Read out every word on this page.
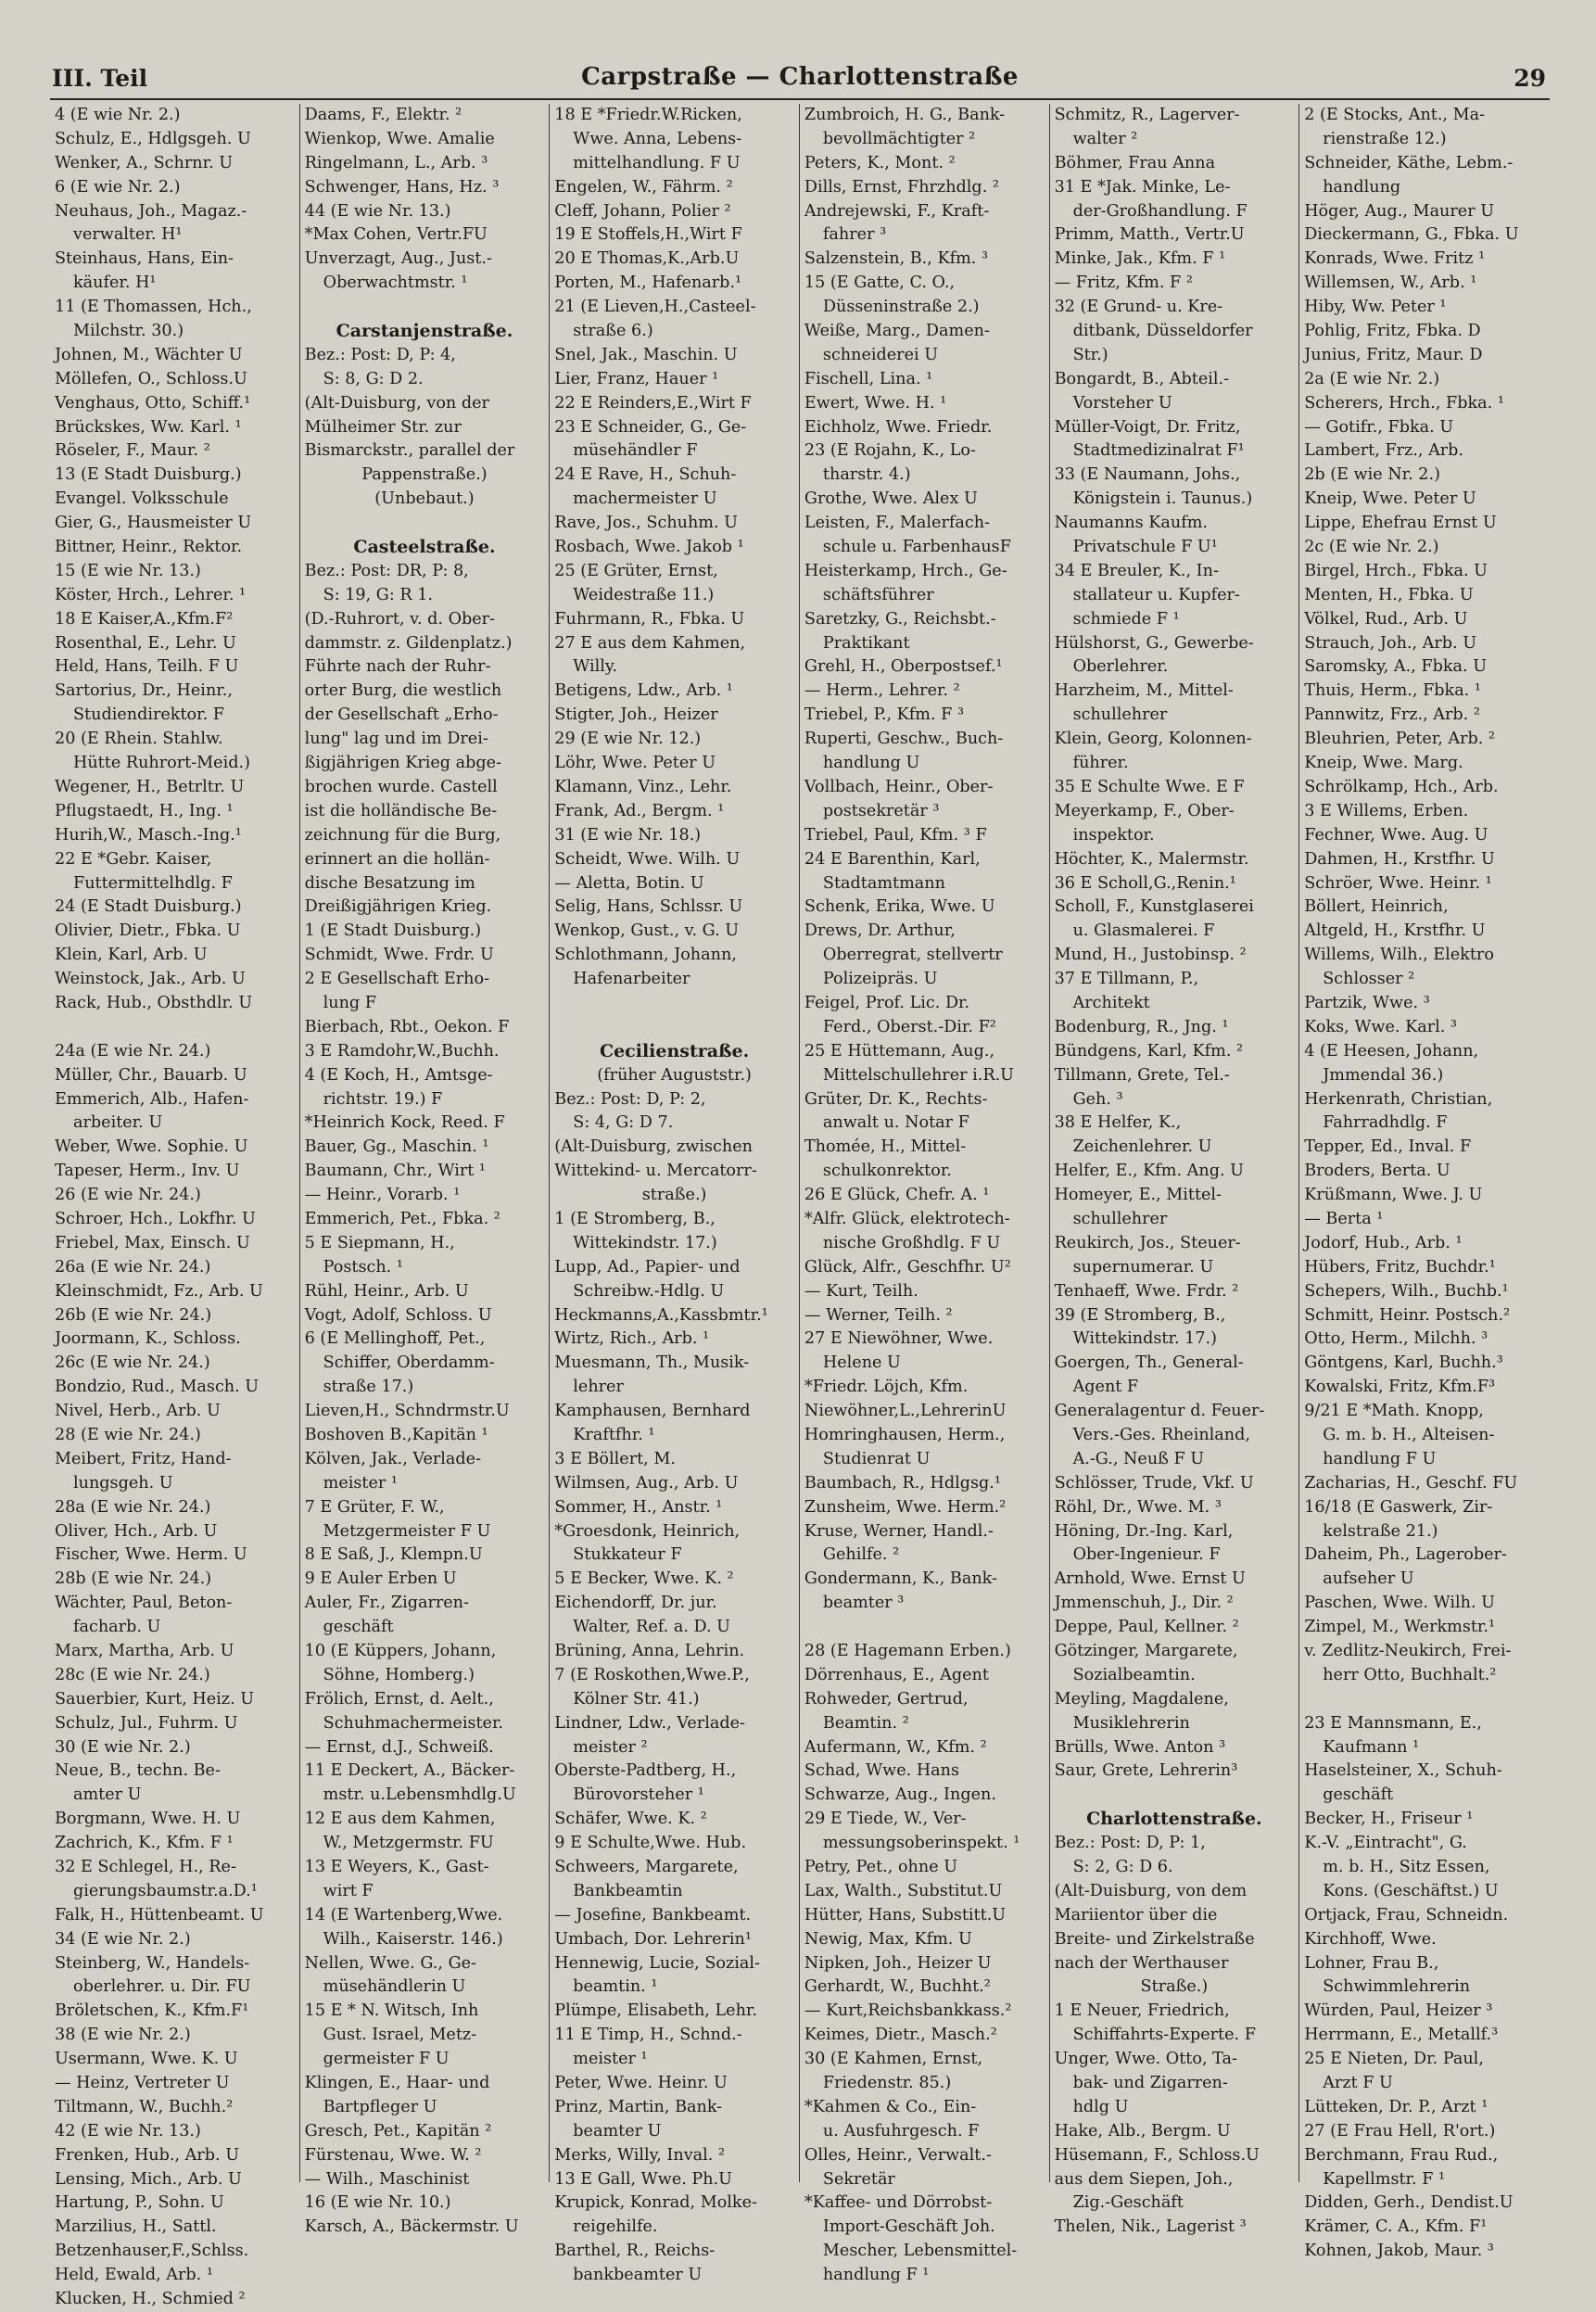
III. Teil	Carpstraße — Charlottenstraße	29
4 (E wie Nr. 2.)
Schulz, E., Hdlgsgeh. U
Wenker, A., Schrnr. U
6 (E wie Nr. 2.)
Neuhaus, Joh., Magaz.-
verwalter. H¹
Steinhaus, Hans, Ein-
käufer. H¹
11 (E Thomassen, Hch.,
Milchstr. 30.)
Johnen, M., Wächter U
Möllefen, O., Schloss.U
Venghaus, Otto, Schiff.¹
Brückskes, Ww. Karl. ¹
Röseler, F., Maur. ²
13 (E Stadt Duisburg.)
Evangel. Volksschule
Gier, G., Hausmeister U
Bittner, Heinr., Rektor.
15 (E wie Nr. 13.)
Köster, Hrch., Lehrer. ¹
18 E Kaiser,A.,Kfm.F²
Rosenthal, E., Lehr. U
Held, Hans, Teilh. F U
Sartorius, Dr., Heinr.,
Studiendirektor. F
20 (E Rhein. Stahlw.
Hütte Ruhrort-Meid.)
Wegener, H., Betrltr. U
Pflugstaedt, H., Ing. ¹
Hurih,W., Masch.-Ing.¹
22 E *Gebr. Kaiser,
Futtermittelhdlg. F
24 (E Stadt Duisburg.)
Olivier, Dietr., Fbka. U
Klein, Karl, Arb. U
Weinstock, Jak., Arb. U
Rack, Hub., Obsthdlr. U
24a (E wie Nr. 24.)
Müller, Chr., Bauarb. U
Emmerich, Alb., Hafen-
arbeiter. U
Weber, Wwe. Sophie. U
Tapeser, Herm., Inv. U
26 (E wie Nr. 24.)
Schroer, Hch., Lokfhr. U
Friebel, Max, Einsch. U
26a (E wie Nr. 24.)
Kleinschmidt, Fz., Arb. U
26b (E wie Nr. 24.)
Joormann, K., Schloss.
26c (E wie Nr. 24.)
Bondzio, Rud., Masch. U
Nivel, Herb., Arb. U
28 (E wie Nr. 24.)
Meibert, Fritz, Hand-
lungsgeh. U
28a (E wie Nr. 24.)
Oliver, Hch., Arb. U
Fischer, Wwe. Herm. U
28b (E wie Nr. 24.)
Wächter, Paul, Beton-
facharb. U
Marx, Martha, Arb. U
28c (E wie Nr. 24.)
Sauerbier, Kurt, Heiz. U
Schulz, Jul., Fuhrm. U
30 (E wie Nr. 2.)
Neue, B., techn. Be-
amter U
Borgmann, Wwe. H. U
Zachrich, K., Kfm. F ¹
32 E Schlegel, H., Re-
gierungsbaumstr.a.D.¹
Falk, H., Hüttenbeamt. U
34 (E wie Nr. 2.)
Steinberg, W., Handels-
oberlehrer. u. Dir. FU
Bröletschen, K., Kfm.F¹
38 (E wie Nr. 2.)
Usermann, Wwe. K. U
— Heinz, Vertreter U
Tiltmann, W., Buchh.²
42 (E wie Nr. 13.)
Frenken, Hub., Arb. U
Lensing, Mich., Arb. U
Hartung, P., Sohn. U
Marzilius, H., Sattl.
Betzenhauser,F.,Schlss.
Held, Ewald, Arb. ¹
Klucken, H., Schmied ²
Daams, F., Elektr. ²
Wienkop, Wwe. Amalie
Ringelmann, L., Arb. ³
Schwenger, Hans, Hz. ³
44 (E wie Nr. 13.)
*Max Cohen, Vertr.FU
Unverzagt, Aug., Just.-
Oberwachtmstr. ¹
Carstanjenstraße.
Bez.: Post: D, P: 4,
S: 8, G: D 2.
(Alt-Duisburg, von der
Mülheimer Str. zur
Bismarckstr., parallel der
Pappenstraße.)
(Unbebaut.)
Casteelstraße.
Bez.: Post: DR, P: 8,
S: 19, G: R 1.
(D.-Ruhrort, v. d. Ober-
dammstr. z. Gildenplatz.)
Führte nach der Ruhr-
orter Burg, die westlich
der Gesellschaft „Erho-
lung" lag und im Drei-
ßigjährigen Krieg abge-
brochen wurde. Castell
ist die holländische Be-
zeichnung für die Burg,
erinnert an die hollän-
dische Besatzung im
Dreißigjährigen Krieg.
1 (E Stadt Duisburg.)
Schmidt, Wwe. Frdr. U
2 E Gesellschaft Erho-
lung F
Bierbach, Rbt., Oekon. F
3 E Ramdohr,W.,Buchh.
4 (E Koch, H., Amtsge-
richtstr. 19.) F
*Heinrich Kock, Reed. F
Bauer, Gg., Maschin. ¹
Baumann, Chr., Wirt ¹
— Heinr., Vorarb. ¹
Emmerich, Pet., Fbka. ²
5 E Siepmann, H.,
Postsch. ¹
Rühl, Heinr., Arb. U
Vogt, Adolf, Schloss. U
6 (E Mellinghoff, Pet.,
Schiffer, Oberdamm-
straße 17.)
Lieven,H., Schndrmstr.U
Boshoven B.,Kapitän ¹
Kölven, Jak., Verlade-
meister ¹
7 E Grüter, F. W.,
Metzgermeister F U
8 E Saß, J., Klempn.U
9 E Auler Erben U
Auler, Fr., Zigarren-
geschäft
10 (E Küppers, Johann,
Söhne, Homberg.)
Frölich, Ernst, d. Aelt.,
Schuhmachermeister.
— Ernst, d.J., Schweiß.
11 E Deckert, A., Bäcker-
mstr. u.Lebensmhdlg.U
12 E aus dem Kahmen,
W., Metzgermstr. FU
13 E Weyers, K., Gast-
wirt F
14 (E Wartenberg,Wwe.
Wilh., Kaiserstr. 146.)
Nellen, Wwe. G., Ge-
müsehändlerin U
15 E * N. Witsch, Inh
Gust. Israel, Metz-
germeister F U
Klingen, E., Haar- und
Bartpfleger U
Gresch, Pet., Kapitän ²
Fürstenau, Wwe. W. ²
— Wilh., Maschinist
16 (E wie Nr. 10.)
Karsch, A., Bäckermstr. U
18 E *Friedr.W.Ricken,
Wwe. Anna, Lebens-
mittelhandlung. F U
Engelen, W., Fährm. ²
Cleff, Johann, Polier ²
19 E Stoffels,H.,Wirt F
20 E Thomas,K.,Arb.U
Porten, M., Hafenarb.¹
21 (E Lieven,H.,Casteel-
straße 6.)
Snel, Jak., Maschin. U
Lier, Franz, Hauer ¹
22 E Reinders,E.,Wirt F
23 E Schneider, G., Ge-
müsehändler F
24 E Rave, H., Schuh-
machermeister U
Rave, Jos., Schuhm. U
Rosbach, Wwe. Jakob ¹
25 (E Grüter, Ernst,
Weidestraße 11.)
Fuhrmann, R., Fbka. U
27 E aus dem Kahmen,
Willy.
Betigens, Ldw., Arb. ¹
Stigter, Joh., Heizer
29 (E wie Nr. 12.)
Löhr, Wwe. Peter U
Klamann, Vinz., Lehr.
Frank, Ad., Bergm. ¹
31 (E wie Nr. 18.)
Scheidt, Wwe. Wilh. U
— Aletta, Botin. U
Selig, Hans, Schlssr. U
Wenkop, Gust., v. G. U
Schlothmann, Johann,
Hafenarbeiter
Cecilienstraße.
(früher Auguststr.)
Bez.: Post: D, P: 2,
S: 4, G: D 7.
(Alt-Duisburg, zwischen
Wittekind- u. Mercatorr-
straße.)
1 (E Stromberg, B.,
Wittekindstr. 17.)
Lupp, Ad., Papier- und
Schreibw.-Hdlg. U
Heckmanns,A.,Kassbmtr.¹
Wirtz, Rich., Arb. ¹
Muesmann, Th., Musik-
lehrer
Kamphausen, Bernhard
Kraftfhr. ¹
3 E Böllert, M.
Wilmsen, Aug., Arb. U
Sommer, H., Anstr. ¹
*Groesdonk, Heinrich,
Stukkateur F
5 E Becker, Wwe. K. ²
Eichendorff, Dr. jur.
Walter, Ref. a. D. U
Brüning, Anna, Lehrin.
7 (E Roskothen,Wwe.P.,
Kölner Str. 41.)
Lindner, Ldw., Verlade-
meister ²
Oberste-Padtberg, H.,
Bürovorsteher ¹
Schäfer, Wwe. K. ²
9 E Schulte,Wwe. Hub.
Schweers, Margarete,
Bankbeamtin
— Josefine, Bankbeamt.
Umbach, Dor. Lehrerin¹
Hennewig, Lucie, Sozial-
beamtin. ¹
Plümpe, Elisabeth, Lehr.
11 E Timp, H., Schnd.-
meister ¹
Peter, Wwe. Heinr. U
Prinz, Martin, Bank-
beamter U
Merks, Willy, Inval. ²
13 E Gall, Wwe. Ph.U
Krupick, Konrad, Molke-
reigehilfe.
Barthel, R., Reichs-
bankbeamter U
Zumbroich, H. G., Bank-
bevollmächtigter ²
Peters, K., Mont. ²
Dills, Ernst, Fhrzhdlg. ²
Andrejewski, F., Kraft-
fahrer ³
Salzenstein, B., Kfm. ³
15 (E Gatte, C. O.,
Düsseninstraße 2.)
Weiße, Marg., Damen-
schneiderei U
Fischell, Lina. ¹
Ewert, Wwe. H. ¹
Eichholz, Wwe. Friedr.
23 (E Rojahn, K., Lo-
tharstr. 4.)
Grothe, Wwe. Alex U
Leisten, F., Malerfach-
schule u. FarbenhausF
Heisterkamp, Hrch., Ge-
schäftsführer
Saretzky, G., Reichsbt.-
Praktikant
Grehl, H., Oberpostsef.¹
— Herm., Lehrer. ²
Triebel, P., Kfm. F ³
Ruperti, Geschw., Buch-
handlung U
Vollbach, Heinr., Ober-
postsekretär ³
Triebel, Paul, Kfm. ³ F
24 E Barenthin, Karl,
Stadtamtmann
Schenk, Erika, Wwe. U
Drews, Dr. Arthur,
Oberregrat, stellvertr
Polizeipräs. U
Feigel, Prof. Lic. Dr.
Ferd., Oberst.-Dir. F²
25 E Hüttemann, Aug.,
Mittelschullehrer i.R.U
Grüter, Dr. K., Rechts-
anwalt u. Notar F
Thomée, H., Mittel-
schulkonrektor.
26 E Glück, Chefr. A. ¹
*Alfr. Glück, elektrotech-
nische Großhdlg. F U
Glück, Alfr., Geschfhr. U²
— Kurt, Teilh.
— Werner, Teilh. ²
27 E Niewöhner, Wwe.
Helene U
*Friedr. Löjch, Kfm.
Niewöhner,L.,LehrerinU
Homringhausen, Herm.,
Studienrat U
Baumbach, R., Hdlgsg.¹
Zunsheim, Wwe. Herm.²
Kruse, Werner, Handl.-
Gehilfe. ²
Gondermann, K., Bank-
beamter ³
28 (E Hagemann Erben.)
Dörrenhaus, E., Agent
Rohweder, Gertrud,
Beamtin. ²
Aufermann, W., Kfm. ²
Schad, Wwe. Hans
Schwarze, Aug., Ingen.
29 E Tiede, W., Ver-
messungsoberinspekt. ¹
Petry, Pet., ohne U
Lax, Walth., Substitut.U
Hütter, Hans, Substitt.U
Newig, Max, Kfm. U
Nipken, Joh., Heizer U
Gerhardt, W., Buchht.²
— Kurt,Reichsbankkass.²
Keimes, Dietr., Masch.²
30 (E Kahmen, Ernst,
Friedenstr. 85.)
*Kahmen & Co., Ein-
u. Ausfuhrgesch. F
Olles, Heinr., Verwalt.-
Sekretär
*Kaffee- und Dörrobst-
Import-Geschäft Joh.
Mescher, Lebensmittel-
handlung F ¹
Schmitz, R., Lagerver-
walter ²
Böhmer, Frau Anna
31 E *Jak. Minke, Le-
der-Großhandlung. F
Primm, Matth., Vertr.U
Minke, Jak., Kfm. F ¹
— Fritz, Kfm. F ²
32 (E Grund- u. Kre-
ditbank, Düsseldorfer
Str.)
Bongardt, B., Abteil.-
Vorsteher U
Müller-Voigt, Dr. Fritz,
Stadtmedizinalrat F¹
33 (E Naumann, Johs.,
Königstein i. Taunus.)
Naumanns Kaufm.
Privatschule F U¹
34 E Breuler, K., In-
stallateur u. Kupfer-
schmiede F ¹
Hülshorst, G., Gewerbe-
Oberlehrer.
Harzheim, M., Mittel-
schullehrer
Klein, Georg, Kolonnen-
führer.
35 E Schulte Wwe. E F
Meyerkamp, F., Ober-
inspektor.
Höchter, K., Malermstr.
36 E Scholl,G.,Renin.¹
Scholl, F., Kunstglaserei
u. Glasmalerei. F
Mund, H., Justobinsp. ²
37 E Tillmann, P.,
Architekt
Bodenburg, R., Jng. ¹
Bündgens, Karl, Kfm. ²
Tillmann, Grete, Tel.-
Geh. ³
38 E Helfer, K.,
Zeichenlehrer. U
Helfer, E., Kfm. Ang. U
Homeyer, E., Mittel-
schullehrer
Reukirch, Jos., Steuer-
supernumerar. U
Tenhaeff, Wwe. Frdr. ²
39 (E Stromberg, B.,
Wittekindstr. 17.)
Goergen, Th., General-
Agent F
Generalagentur d. Feuer-
Vers.-Ges. Rheinland,
A.-G., Neuß F U
Schlösser, Trude, Vkf. U
Röhl, Dr., Wwe. M. ³
Höning, Dr.-Ing. Karl,
Ober-Ingenieur. F
Arnhold, Wwe. Ernst U
Jmmenschuh, J., Dir. ²
Deppe, Paul, Kellner. ²
Götzinger, Margarete,
Sozialbeamtin.
Meyling, Magdalene,
Musiklehrerin
Brülls, Wwe. Anton ³
Saur, Grete, Lehrerin³
Charlottenstraße.
Bez.: Post: D, P: 1,
S: 2, G: D 6.
(Alt-Duisburg, von dem
Mariientor über die
Breite- und Zirkelstraße
nach der Werthauser
Straße.)
1 E Neuer, Friedrich,
Schiffahrts-Experte. F
Unger, Wwe. Otto, Ta-
bak- und Zigarren-
hdlg U
Hake, Alb., Bergm. U
Hüsemann, F., Schloss.U
aus dem Siepen, Joh.,
Zig.-Geschäft
Thelen, Nik., Lagerist ³
2 (E Stocks, Ant., Ma-
rienstraße 12.)
Schneider, Käthe, Lebm.-
handlung
Höger, Aug., Maurer U
Dieckermann, G., Fbka. U
Konrads, Wwe. Fritz ¹
Willemsen, W., Arb. ¹
Hiby, Ww. Peter ¹
Pohlig, Fritz, Fbka. D
Junius, Fritz, Maur. D
2a (E wie Nr. 2.)
Scherers, Hrch., Fbka. ¹
— Gotifr., Fbka. U
Lambert, Frz., Arb.
2b (E wie Nr. 2.)
Kneip, Wwe. Peter U
Lippe, Ehefrau Ernst U
2c (E wie Nr. 2.)
Birgel, Hrch., Fbka. U
Menten, H., Fbka. U
Völkel, Rud., Arb. U
Strauch, Joh., Arb. U
Saromsky, A., Fbka. U
Thuis, Herm., Fbka. ¹
Pannwitz, Frz., Arb. ²
Bleuhrien, Peter, Arb. ²
Kneip, Wwe. Marg.
Schrölkamp, Hch., Arb.
3 E Willems, Erben.
Fechner, Wwe. Aug. U
Dahmen, H., Krstfhr. U
Schröer, Wwe. Heinr. ¹
Böllert, Heinrich,
Altgeld, H., Krstfhr. U
Willems, Wilh., Elektro
Schlosser ²
Partzik, Wwe. ³
Koks, Wwe. Karl. ³
4 (E Heesen, Johann,
Jmmendal 36.)
Herkenrath, Christian,
Fahrradhdlg. F
Tepper, Ed., Inval. F
Broders, Berta. U
Krüßmann, Wwe. J. U
— Berta ¹
Jodorf, Hub., Arb. ¹
Hübers, Fritz, Buchdr.¹
Schepers, Wilh., Buchb.¹
Schmitt, Heinr. Postsch.²
Otto, Herm., Milchh. ³
Göntgens, Karl, Buchh.³
Kowalski, Fritz, Kfm.F³
9/21 E *Math. Knopp,
G. m. b. H., Alteisen-
handlung F U
Zacharias, H., Geschf. FU
16/18 (E Gaswerk, Zir-
kelstraße 21.)
Daheim, Ph., Lagerober-
aufseher U
Paschen, Wwe. Wilh. U
Zimpel, M., Werkmstr.¹
v. Zedlitz-Neukirch, Frei-
herr Otto, Buchhalt.²
23 E Mannsmann, E.,
Kaufmann ¹
Haselsteiner, X., Schuh-
geschäft
Becker, H., Friseur ¹
K.-V. „Eintracht", G.
m. b. H., Sitz Essen,
Kons. (Geschäftst.) U
Ortjack, Frau, Schneidn.
Kirchhoff, Wwe.
Lohner, Frau B.,
Schwimmlehrerin
Würden, Paul, Heizer ³
Herrmann, E., Metallf.³
25 E Nieten, Dr. Paul,
Arzt F U
Lütteken, Dr. P., Arzt ¹
27 (E Frau Hell, R'ort.)
Berchmann, Frau Rud.,
Kapellmstr. F ¹
Didden, Gerh., Dendist.U
Krämer, C. A., Kfm. F¹
Kohnen, Jakob, Maur. ³
